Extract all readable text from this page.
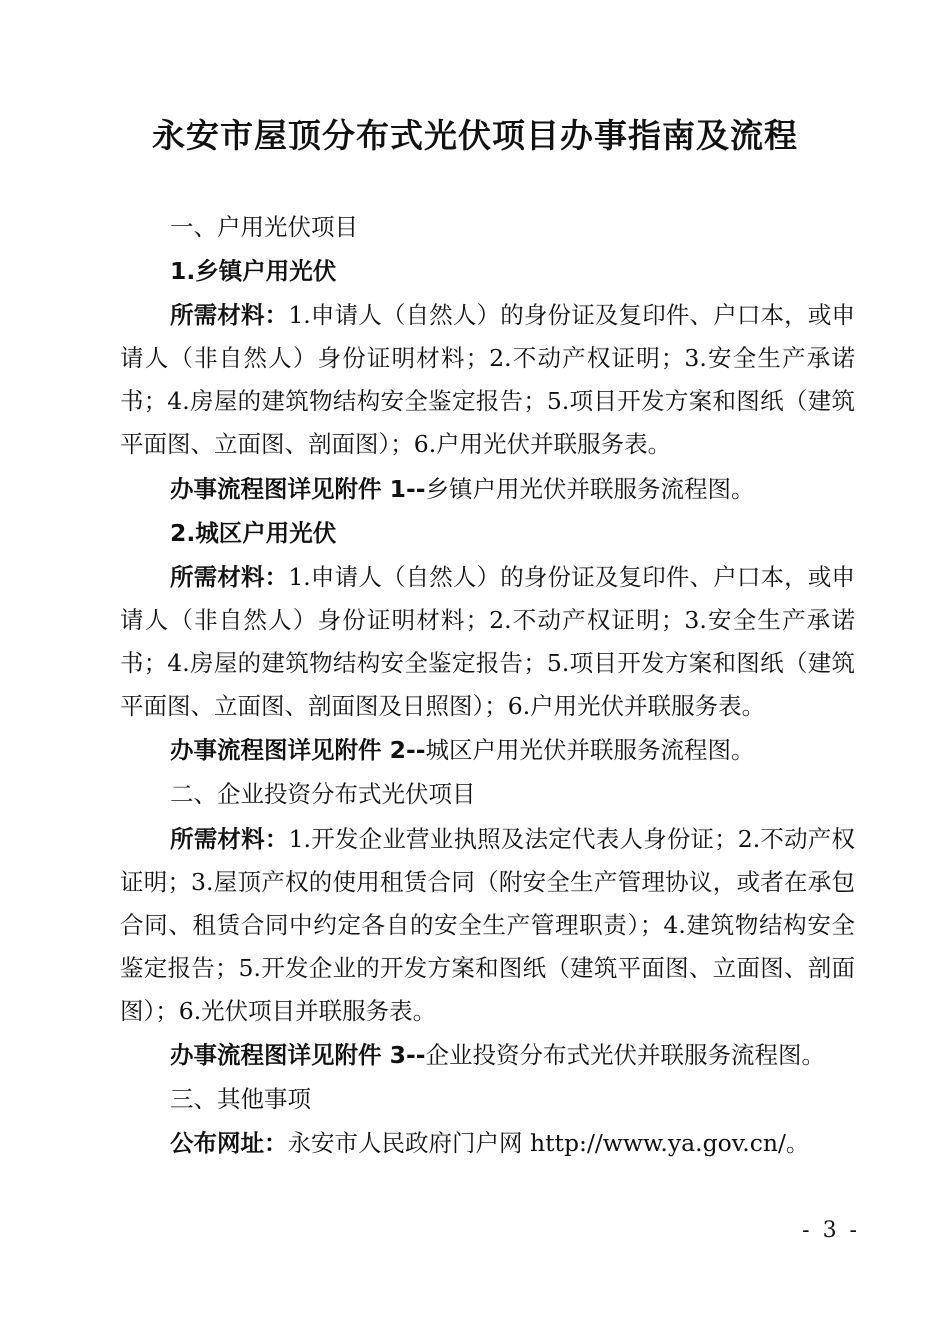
永安市屋顶分布式光伏项目办事指南及流程

一、户用光伏项目

1.乡镇户用光伏

所需材料：1.申请人（自然人）的身份证及复印件、户口本，或申请人（非自然人）身份证明材料；2.不动产权证明；3.安全生产承诺书；4.房屋的建筑物结构安全鉴定报告；5.项目开发方案和图纸（建筑平面图、立面图、剖面图）；6.户用光伏并联服务表。

办事流程图详见附件 1--乡镇户用光伏并联服务流程图。

2.城区户用光伏

所需材料：1.申请人（自然人）的身份证及复印件、户口本，或申请人（非自然人）身份证明材料；2.不动产权证明；3.安全生产承诺书；4.房屋的建筑物结构安全鉴定报告；5.项目开发方案和图纸（建筑平面图、立面图、剖面图及日照图）；6.户用光伏并联服务表。

办事流程图详见附件 2--城区户用光伏并联服务流程图。

二、企业投资分布式光伏项目

所需材料：1.开发企业营业执照及法定代表人身份证；2.不动产权证明；3.屋顶产权的使用租赁合同（附安全生产管理协议，或者在承包合同、租赁合同中约定各自的安全生产管理职责）；4.建筑物结构安全鉴定报告；5.开发企业的开发方案和图纸（建筑平面图、立面图、剖面图）；6.光伏项目并联服务表。

办事流程图详见附件 3--企业投资分布式光伏并联服务流程图。

三、其他事项

公布网址：永安市人民政府门户网 http://www.ya.gov.cn/。

- 3 -
